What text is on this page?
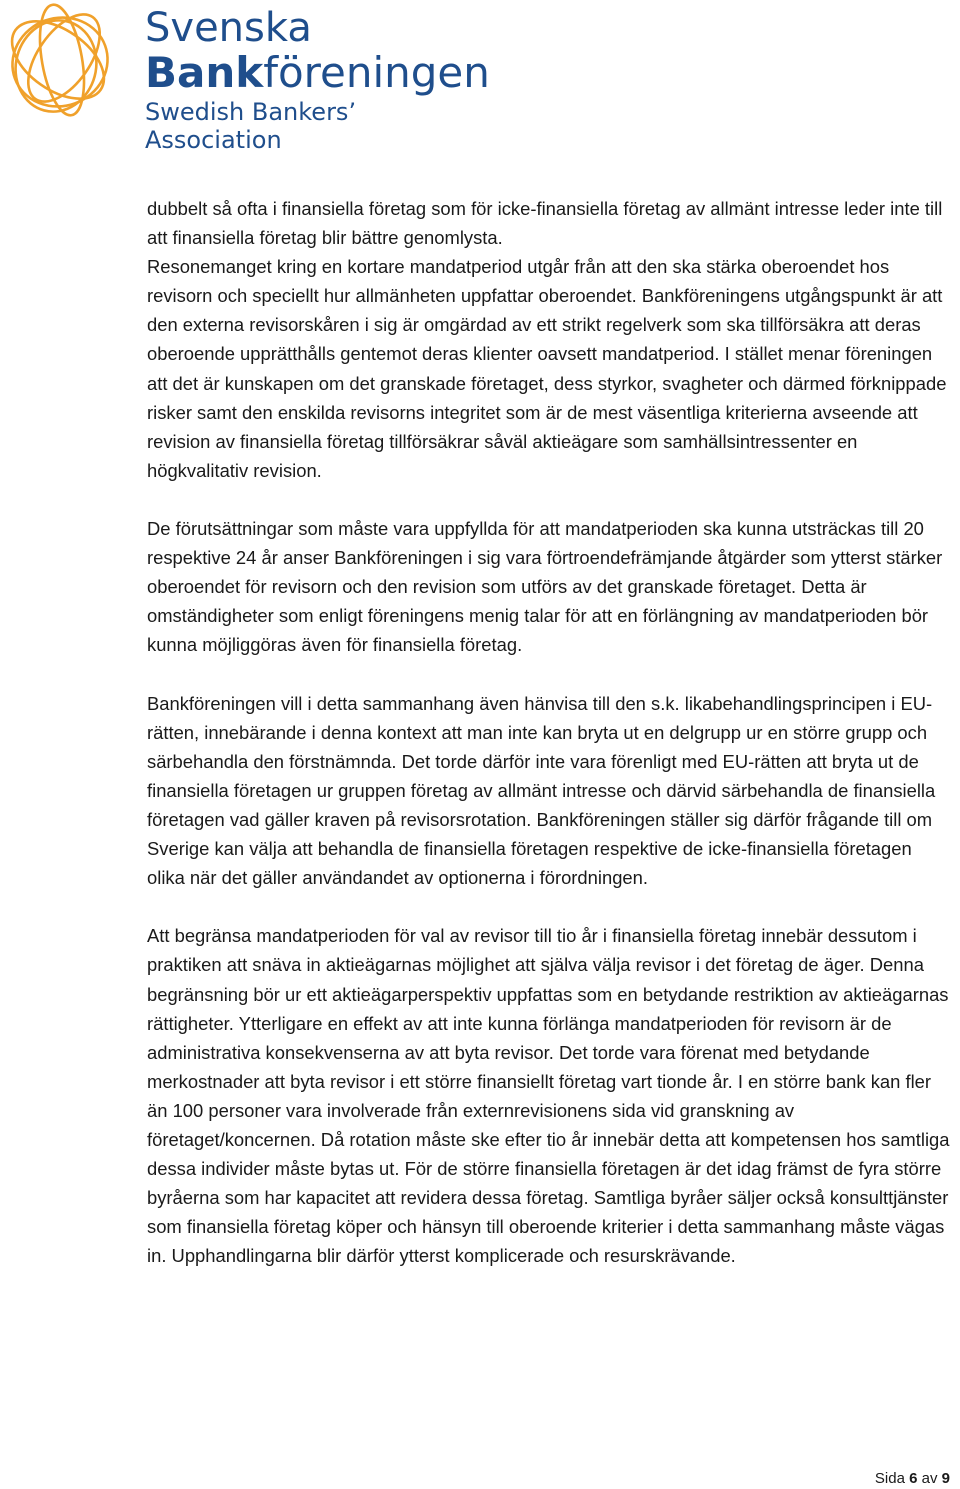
Svenska
Bankföreningen
Swedish Bankers’ Association

dubbelt så ofta i finansiella företag som för icke-finansiella företag av allmänt intresse leder inte till att finansiella företag blir bättre genomlysta.

Resonemanget kring en kortare mandatperiod utgår från att den ska stärka oberoendet hos revisorn och speciellt hur allmänheten uppfattar oberoendet. Bankföreningens utgångspunkt är att den externa revisorskåren i sig är omgärdad av ett strikt regelverk som ska tillförsäkra att deras oberoende upprätthålls gentemot deras klienter oavsett mandatperiod. I stället menar föreningen att det är kunskapen om det granskade företaget, dess styrkor, svagheter och därmed förknippade risker samt den enskilda revisorns integritet som är de mest väsentliga kriterierna avseende att revision av finansiella företag tillförsäkrar såväl aktieägare som samhällsintressenter en högkvalitativ revision.

De förutsättningar som måste vara uppfyllda för att mandatperioden ska kunna utsträckas till 20 respektive 24 år anser Bankföreningen i sig vara förtroendefrämjande åtgärder som ytterst stärker oberoendet för revisorn och den revision som utförs av det granskade företaget. Detta är omständigheter som enligt föreningens menig talar för att en förlängning av mandatperioden bör kunna möjliggöras även för finansiella företag.

Bankföreningen vill i detta sammanhang även hänvisa till den s.k. likabehandlingsprincipen i EU-rätten, innebärande i denna kontext att man inte kan bryta ut en delgrupp ur en större grupp och särbehandla den förstnämnda. Det torde därför inte vara förenligt med EU-rätten att bryta ut de finansiella företagen ur gruppen företag av allmänt intresse och därvid särbehandla de finansiella företagen vad gäller kraven på revisorsrotation. Bankföreningen ställer sig därför frågande till om Sverige kan välja att behandla de finansiella företagen respektive de icke-finansiella företagen olika när det gäller användandet av optionerna i förordningen.

Att begränsa mandatperioden för val av revisor till tio år i finansiella företag innebär dessutom i praktiken att snäva in aktieägarnas möjlighet att själva välja revisor i det företag de äger. Denna begränsning bör ur ett aktieägarperspektiv uppfattas som en betydande restriktion av aktieägarnas rättigheter. Ytterligare en effekt av att inte kunna förlänga mandatperioden för revisorn är de administrativa konsekvenserna av att byta revisor. Det torde vara förenat med betydande merkostnader att byta revisor i ett större finansiellt företag vart tionde år. I en större bank kan fler än 100 personer vara involverade från externrevisionens sida vid granskning av företaget/koncernen. Då rotation måste ske efter tio år innebär detta att kompetensen hos samtliga dessa individer måste bytas ut. För de större finansiella företagen är det idag främst de fyra större byråerna som har kapacitet att revidera dessa företag. Samtliga byråer säljer också konsulttjänster som finansiella företag köper och hänsyn till oberoende kriterier i detta sammanhang måste vägas in. Upphandlingarna blir därför ytterst komplicerade och resurskrävande.

Sida 6 av 9
